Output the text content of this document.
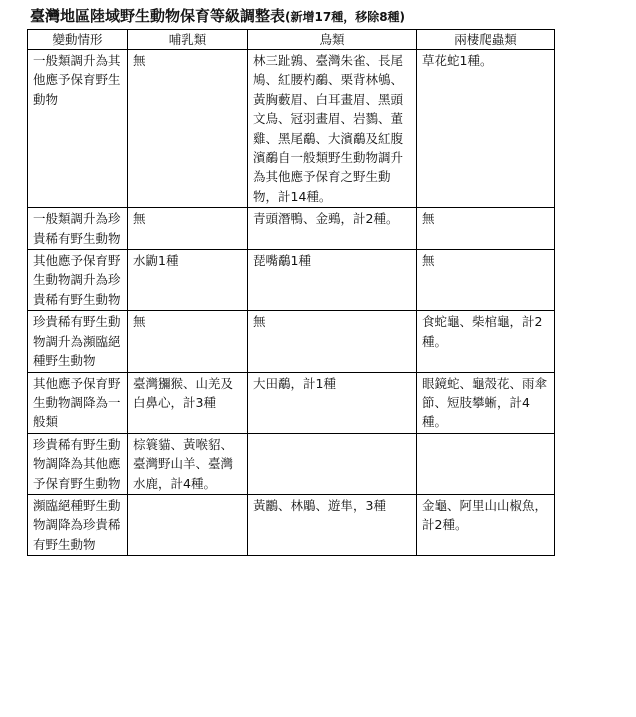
臺灣地區陸域野生動物保育等級調整表(新增17種，移除8種)
變動情形	哺乳類	鳥類	兩棲爬蟲類
一般類調升為其他應予保育野生動物	無	林三趾鶉、臺灣朱雀、長尾鳩、紅腰杓鷸、栗背林鴝、黃胸藪眉、白耳畫眉、黑頭文鳥、冠羽畫眉、岩鷚、董雞、黑尾鷸、大濱鷸及紅腹濱鷸自一般類野生動物調升為其他應予保育之野生動物，計14種。	草花蛇1種。
一般類調升為珍貴稀有野生動物	無	青頭潛鴨、金鵐，計2種。	無
其他應予保育野生動物調升為珍貴稀有野生動物	水鼩1種	琵嘴鷸1種	無
珍貴稀有野生動物調升為瀕臨絕種野生動物	無	無	食蛇龜、柴棺龜，計2種。
其他應予保育野生動物調降為一般類	臺灣獼猴、山羌及白鼻心，計3種	大田鷸，計1種	眼鏡蛇、龜殼花、雨傘節、短肢攀蜥，計4種。
珍貴稀有野生動物調降為其他應予保育野生動物	棕簑貓、黃喉貂、臺灣野山羊、臺灣水鹿，計4種。		
瀕臨絕種野生動物調降為珍貴稀有野生動物		黃鸝、林鵰、遊隼，3種	金龜、阿里山山椒魚，計2種。
